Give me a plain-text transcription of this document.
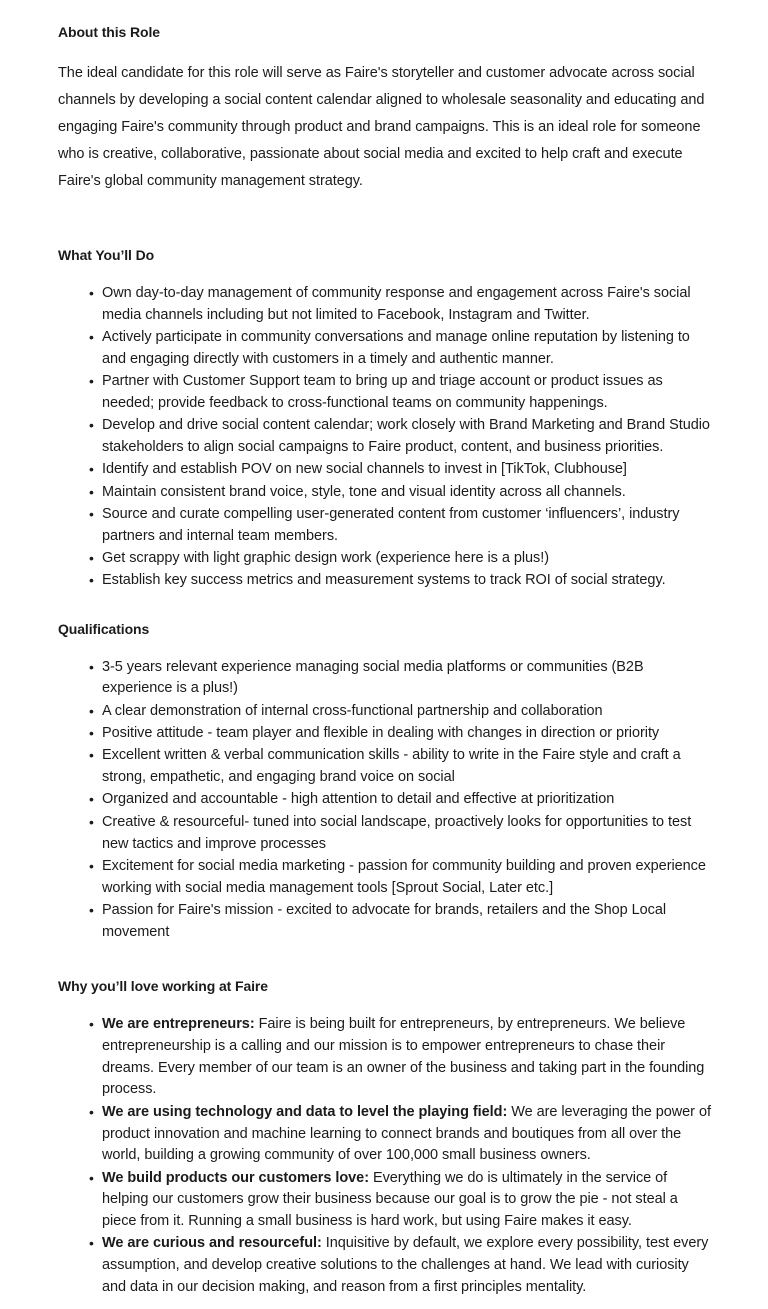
About this Role

The ideal candidate for this role will serve as Faire's storyteller and customer advocate across social channels by developing a social content calendar aligned to wholesale seasonality and educating and engaging Faire's community through product and brand campaigns. This is an ideal role for someone who is creative, collaborative, passionate about social media and excited to help craft and execute Faire's global community management strategy.

What You’ll Do
• Own day-to-day management of community response and engagement across Faire's social media channels including but not limited to Facebook, Instagram and Twitter.
• Actively participate in community conversations and manage online reputation by listening to and engaging directly with customers in a timely and authentic manner.
• Partner with Customer Support team to bring up and triage account or product issues as needed; provide feedback to cross-functional teams on community happenings.
• Develop and drive social content calendar; work closely with Brand Marketing and Brand Studio stakeholders to align social campaigns to Faire product, content, and business priorities.
• Identify and establish POV on new social channels to invest in [TikTok, Clubhouse]
• Maintain consistent brand voice, style, tone and visual identity across all channels.
• Source and curate compelling user-generated content from customer ‘influencers’, industry partners and internal team members.
• Get scrappy with light graphic design work (experience here is a plus!)
• Establish key success metrics and measurement systems to track ROI of social strategy.
Qualifications
• 3-5 years relevant experience managing social media platforms or communities (B2B experience is a plus!)
• A clear demonstration of internal cross-functional partnership and collaboration
• Positive attitude - team player and flexible in dealing with changes in direction or priority
• Excellent written & verbal communication skills - ability to write in the Faire style and craft a strong, empathetic, and engaging brand voice on social
• Organized and accountable - high attention to detail and effective at prioritization
• Creative & resourceful- tuned into social landscape, proactively looks for opportunities to test new tactics and improve processes
• Excitement for social media marketing - passion for community building and proven experience working with social media management tools [Sprout Social, Later etc.]
• Passion for Faire's mission - excited to advocate for brands, retailers and the Shop Local movement
Why you’ll love working at Faire
• We are entrepreneurs: Faire is being built for entrepreneurs, by entrepreneurs. We believe entrepreneurship is a calling and our mission is to empower entrepreneurs to chase their dreams. Every member of our team is an owner of the business and taking part in the founding process.
• We are using technology and data to level the playing field: We are leveraging the power of product innovation and machine learning to connect brands and boutiques from all over the world, building a growing community of over 100,000 small business owners.
• We build products our customers love: Everything we do is ultimately in the service of helping our customers grow their business because our goal is to grow the pie - not steal a piece from it. Running a small business is hard work, but using Faire makes it easy.
• We are curious and resourceful: Inquisitive by default, we explore every possibility, test every assumption, and develop creative solutions to the challenges at hand. We lead with curiosity and data in our decision making, and reason from a first principles mentality.
